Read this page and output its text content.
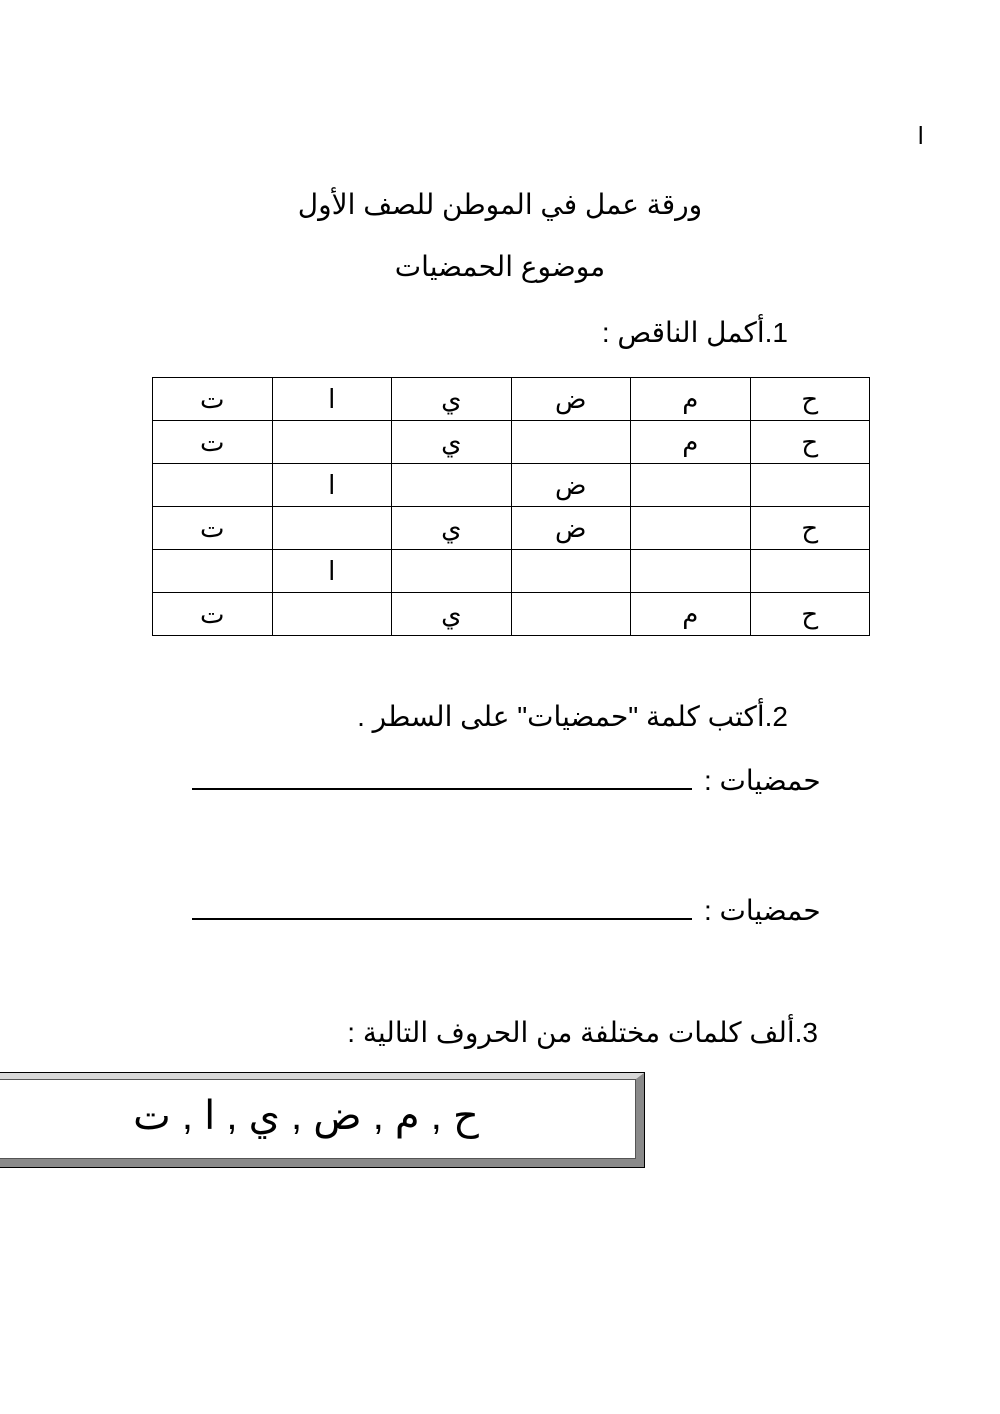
ا
ورقة عمل في الموطن للصف الأول
موضوع الحمضيات
1.أكمل الناقص :
ح	م	ض	ي	ا	ت
ح	م		ي		ت
		ض		ا	
ح		ض	ي		ت
				ا	
ح	م		ي		ت
2.أكتب كلمة "حمضيات" على السطر .
حمضيات :
حمضيات :
3.ألف كلمات مختلفة من الحروف التالية :
ح , م , ض , ي , ا , ت
